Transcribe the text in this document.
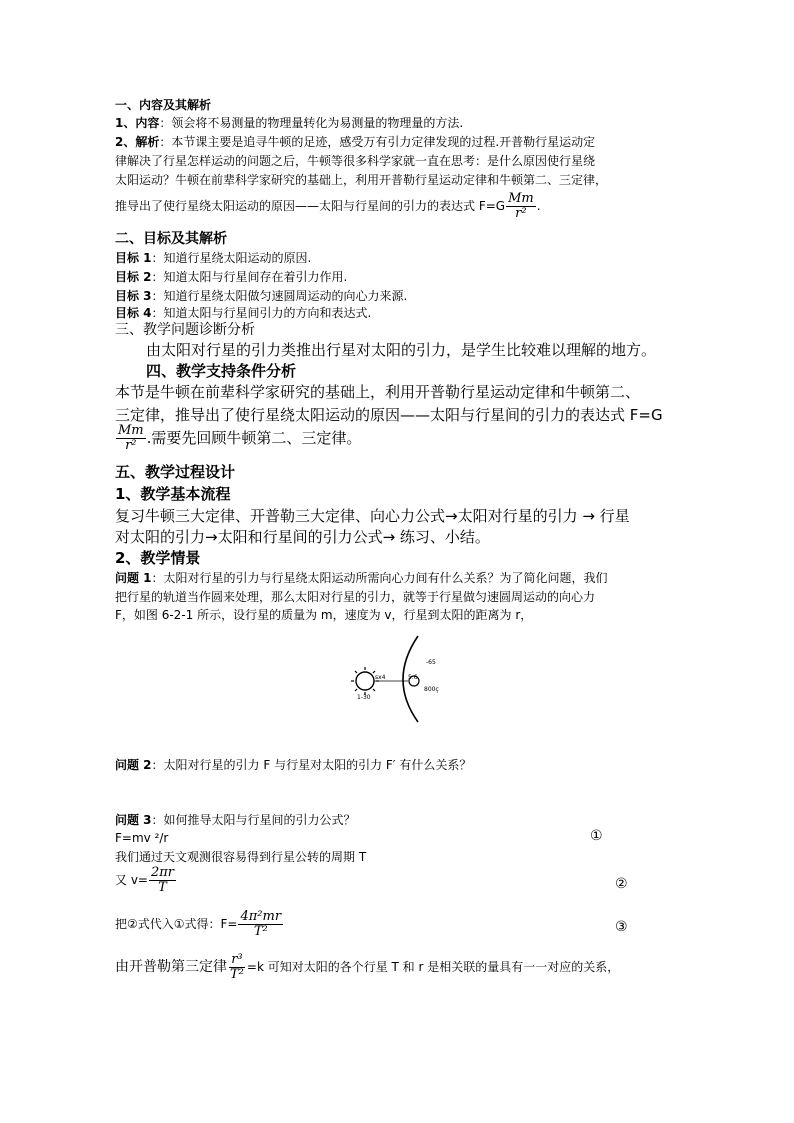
一、内容及其解析
1、内容：领会将不易测量的物理量转化为易测量的物理量的方法.
2、解析：本节课主要是追寻牛顿的足迹，感受万有引力定律发现的过程.开普勒行星运动定
律解决了行星怎样运动的问题之后，牛顿等很多科学家就一直在思考：是什么原因使行星绕
太阳运动？牛顿在前辈科学家研究的基础上，利用开普勒行星运动定律和牛顿第二、三定律，
推导出了使行星绕太阳运动的原因——太阳与行星间的引力的表达式 $F=G \frac{Mm}{\text{r²}}$ .
二、目标及其解析
目标 1：知道行星绕太阳运动的原因.
目标 2：知道太阳与行星间存在着引力作用.
目标 3：知道行星绕太阳做匀速圆周运动的向心力来源.
目标 4：知道太阳与行星间引力的方向和表达式.
三、教学问题诊断分析
由太阳对行星的引力类推出行星对太阳的引力，是学生比较难以理解的地方。
四、教学支持条件分析
本节是牛顿在前辈科学家研究的基础上，利用开普勒行星运动定律和牛顿第二、
三定律，推导出了使行星绕太阳运动的原因——太阳与行星间的引力的表达式 F=G
$\frac{Mm}{\text{r²}}$ .需要先回顾牛顿第二、三定律。
五、教学过程设计
1、教学基本流程
复习牛顿三大定律、开普勒三大定律、向心力公式→太阳对行星的引力 → 行星
对太阳的引力→太阳和行星间的引力公式→ 练习、小结。
2、教学情景
问题 1：太阳对行星的引力与行星绕太阳运动所需向心力间有什么关系？为了简化问题，我们
把行星的轨道当作圆来处理，那么太阳对行星的引力，就等于行星做匀速圆周运动的向心力
F，如图 6-2-1 所示，设行星的质量为 m，速度为 v，行星到太阳的距离为 r，
sx4
1-30
5.6
-65
800ç
问题 2：太阳对行星的引力 F 与行星对太阳的引力 F′ 有什么关系？
问题 3：如何推导太阳与行星间的引力公式？
F=mv ²/r	①
我们通过天文观测很容易得到行星公转的周期 T
又 $v= \frac{2\pi r}{T}$	②
把②式代入①式得：$F= \frac{\text{4π²mr}}{\text{T²}}$	③
由开普勒第三定律 $\frac{\text{r³}}{\text{T²}} =k$ 可知对太阳的各个行星 T 和 r 是相关联的量具有一一对应的关系，
